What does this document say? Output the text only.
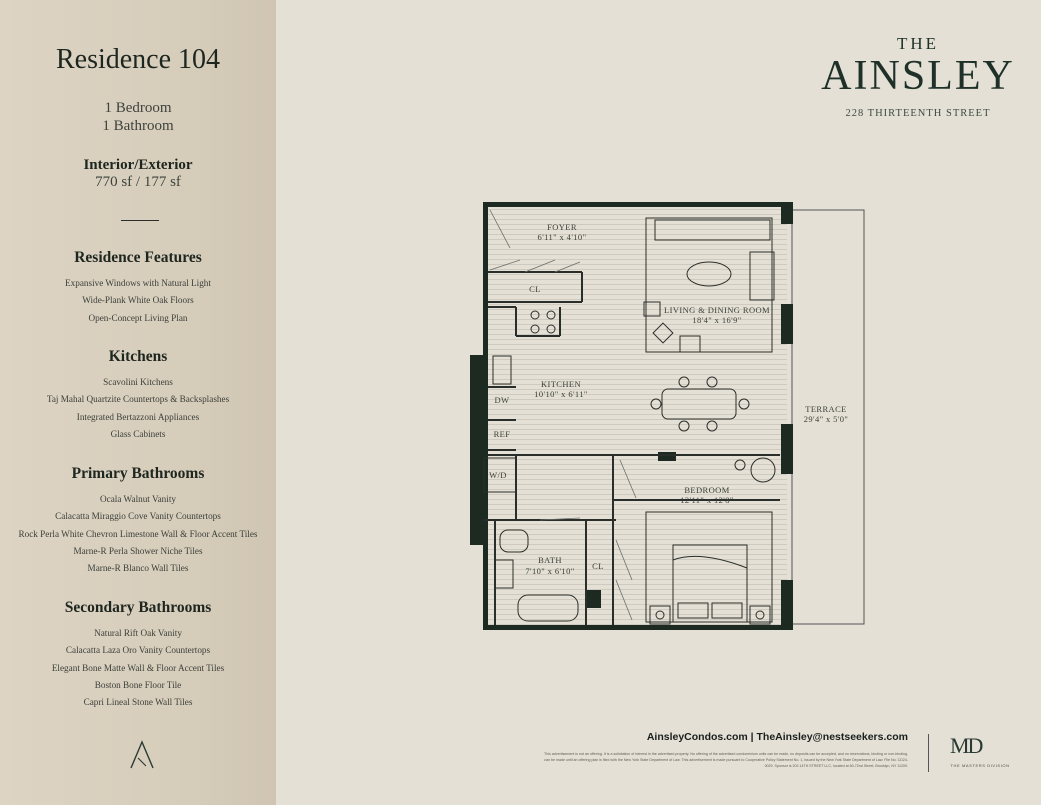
Residence 104
1 Bedroom
1 Bathroom
Interior/Exterior
770 sf / 177 sf
Residence Features
Expansive Windows with Natural Light
Wide-Plank White Oak Floors
Open-Concept Living Plan
Kitchens
Scavolini Kitchens
Taj Mahal Quartzite Countertops & Backsplashes
Integrated Bertazzoni Appliances
Glass Cabinets
Primary Bathrooms
Ocala Walnut Vanity
Calacatta Miraggio Cove Vanity Countertops
Rock Perla White Chevron Limestone Wall & Floor Accent Tiles
Marne-R Perla Shower Niche Tiles
Marne-R Blanco Wall Tiles
Secondary Bathrooms
Natural Rift Oak Vanity
Calacatta Laza Oro Vanity Countertops
Elegant Bone Matte Wall & Floor Accent Tiles
Boston Bone Floor Tile
Capri Lineal Stone Wall Tiles
THE
AINSLEY
228 THIRTEENTH STREET
FOYER
6'11" x 4'10"
CL
LIVING & DINING ROOM
18'4" x 16'9"
KITCHEN
10'10" x 6'11"
DW
REF
TERRACE
29'4" x 5'0"
W/D
BEDROOM
12'11" x 12'8"
BATH
7'10" x 6'10" CL
AinsleyCondos.com | TheAinsley@nestseekers.com
This advertisement is not an offering. It is a solicitation of interest in the advertised property. No offering of the advertised condominium units can be made, no deposits can be accepted, and no reservations, binding or non-binding, can be made until an offering plan is filed with the New York State Department of Law. This advertisement is made pursuant to Cooperative Policy Statement No. 1, issued by the New York State Department of Law. File No. CD24-0029. Sponsor is 203 14TH STREET LLC, located at 60-72nd Street, Brooklyn, NY 11209.
MD
THE MASTERS DIVISION
